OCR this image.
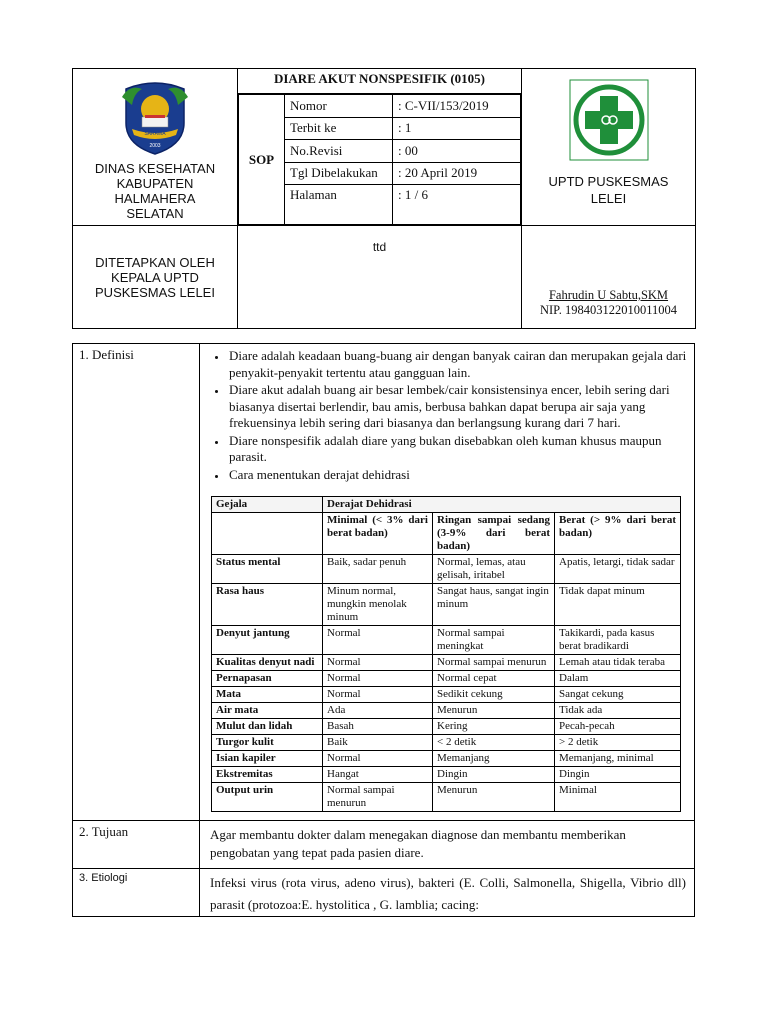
SARAWA
2003
DINAS KESEHATAN
KABUPATEN
HALMAHERA
SELATAN

DIARE AKUT NONSPESIFIK (0105)
SOP	Nomor	: C-VII/153/2019
Terbit ke	: 1
No.Revisi	: 00
Tgl Dibelakukan	: 20 April 2019
Halaman	: 1 / 6

UPTD PUSKESMAS
LELEI

DITETAPKAN OLEH
KEPALA UPTD
PUSKESMAS LELEI
	ttd	
Fahrudin U Sabtu,SKM
NIP. 198403122010011004
1. Definisi	
•Diare adalah keadaan buang-buang air dengan banyak cairan dan merupakan gejala dari penyakit-penyakit tertentu atau gangguan lain.
• Diare akut adalah buang air besar lembek/cair konsistensinya encer, lebih sering dari biasanya disertai berlendir, bau amis, berbusa bahkan dapat berupa air saja yang frekuensinya lebih sering dari biasanya dan berlangsung kurang dari 7 hari.
• Diare nonspesifik adalah diare yang bukan disebabkan oleh kuman khusus maupun parasit.
• Cara menentukan derajat dehidrasi
Gejala	Derajat Dehidrasi
	Minimal (< 3% dari berat badan)	Ringan sampai sedang (3-9% dari berat badan)	Berat (> 9% dari berat badan)
Status mental	Baik, sadar penuh	Normal, lemas, atau gelisah, iritabel	Apatis, letargi, tidak sadar
Rasa haus	Minum normal, mungkin menolak minum	Sangat haus, sangat ingin minum	Tidak dapat minum
Denyut jantung	Normal	Normal sampai meningkat	Takikardi, pada kasus berat bradikardi
Kualitas denyut nadi	Normal	Normal sampai menurun	Lemah atau tidak teraba
Pernapasan	Normal	Normal cepat	Dalam
Mata	Normal	Sedikit cekung	Sangat cekung
Air mata	Ada	Menurun	Tidak ada
Mulut dan lidah	Basah	Kering	Pecah-pecah
Turgor kulit	Baik	< 2 detik	> 2 detik
Isian kapiler	Normal	Memanjang	Memanjang, minimal
Ekstremitas	Hangat	Dingin	Dingin
Output urin	Normal sampai menurun	Menurun	Minimal

2. Tujuan	Agar membantu dokter dalam menegakan diagnose dan membantu memberikan pengobatan yang tepat pada pasien diare.
3. Etiologi	Infeksi virus (rota virus, adeno virus), bakteri (E. Colli, Salmonella, Shigella, Vibrio dll) parasit (protozoa:E. hystolitica , G. lamblia; cacing:
